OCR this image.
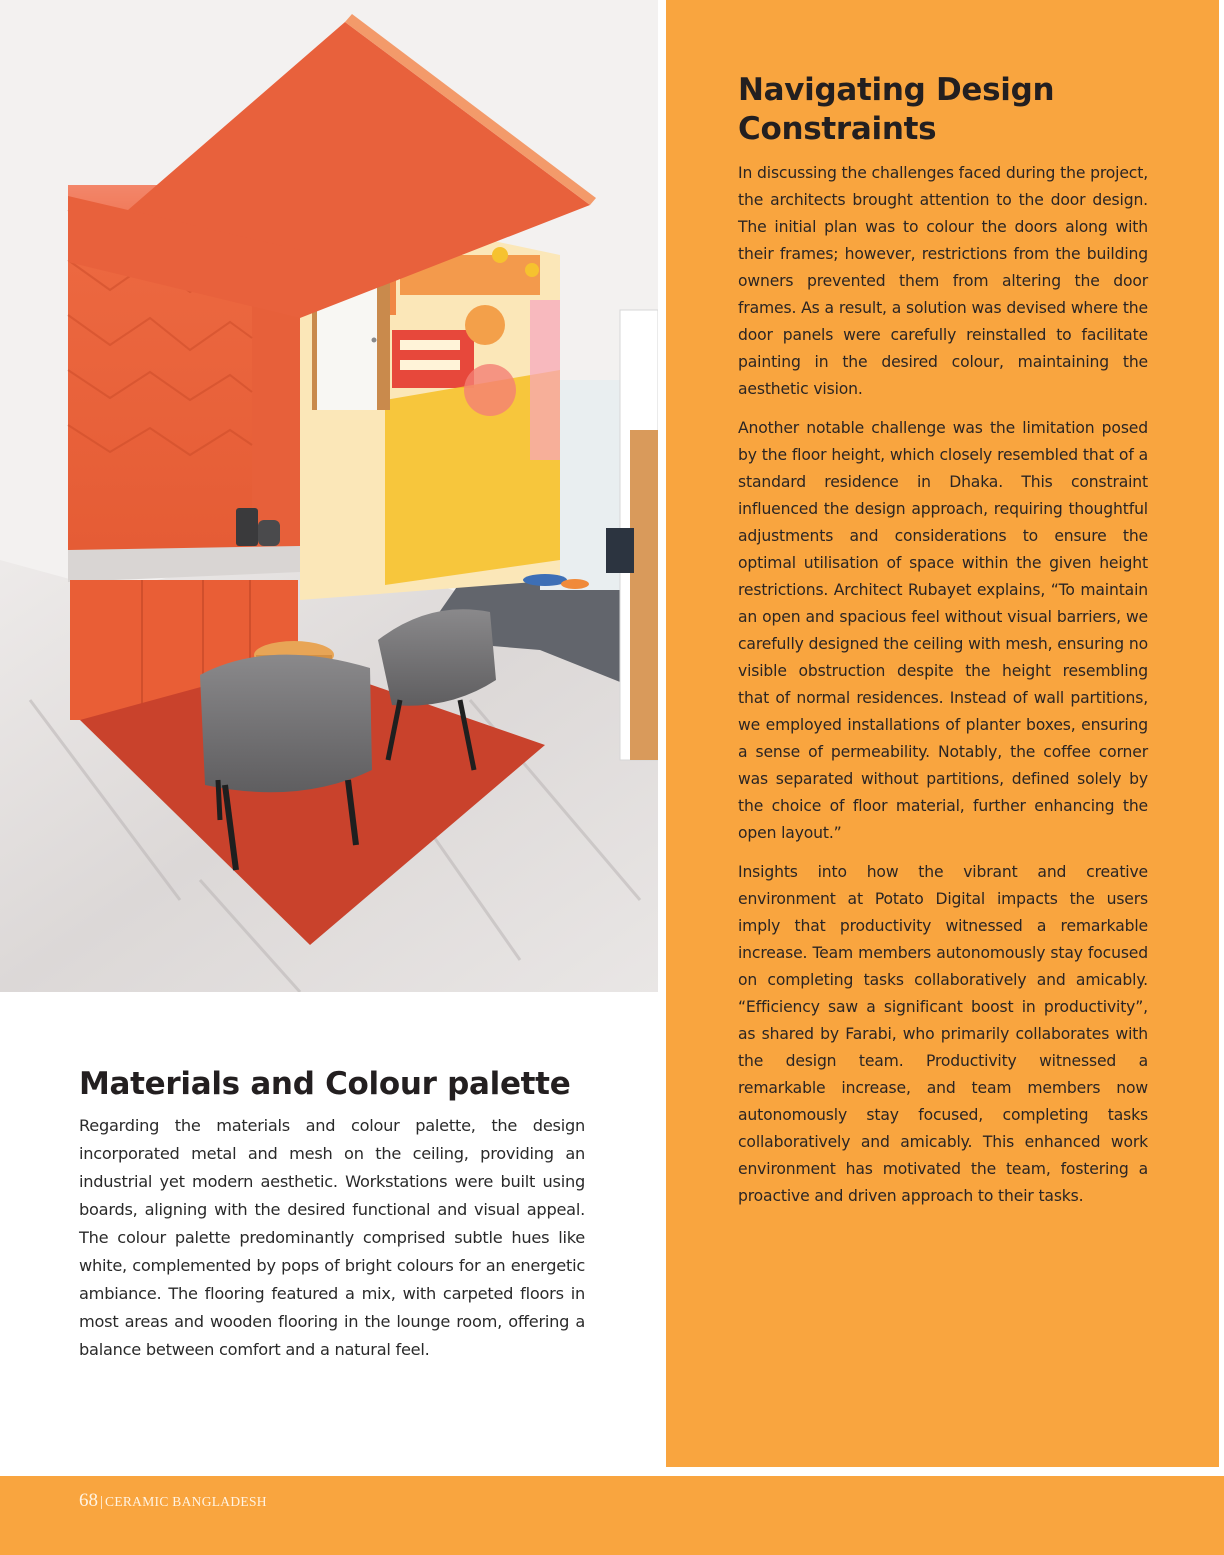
Navigating Design Constraints

In discussing the challenges faced during the project, the architects brought attention to the door design. The initial plan was to colour the doors along with their frames; however, restrictions from the building owners prevented them from altering the door frames. As a result, a solution was devised where the door panels were carefully reinstalled to facilitate painting in the desired colour, maintaining the aesthetic vision.

Another notable challenge was the limitation posed by the floor height, which closely resembled that of a standard residence in Dhaka. This constraint influenced the design approach, requiring thoughtful adjustments and considerations to ensure the optimal utilisation of space within the given height restrictions. Architect Rubayet explains, “To maintain an open and spacious feel without visual barriers, we carefully designed the ceiling with mesh, ensuring no visible obstruction despite the height resembling that of normal residences. Instead of wall partitions, we employed installations of planter boxes, ensuring a sense of permeability. Notably, the coffee corner was separated without partitions, defined solely by the choice of floor material, further enhancing the open layout.”

Insights into how the vibrant and creative environment at Potato Digital impacts the users imply that productivity witnessed a remarkable increase. Team members autonomously stay focused on completing tasks collaboratively and amicably. “Efficiency saw a significant boost in productivity”, as shared by Farabi, who primarily collaborates with the design team. Productivity witnessed a remarkable increase, and team members now autonomously stay focused, completing tasks collaboratively and amicably. This enhanced work environment has motivated the team, fostering a proactive and driven approach to their tasks.

Materials and Colour palette

Regarding the materials and colour palette, the design incorporated metal and mesh on the ceiling, providing an industrial yet modern aesthetic. Workstations were built using boards, aligning with the desired functional and visual appeal. The colour palette predominantly comprised subtle hues like white, complemented by pops of bright colours for an energetic ambiance. The flooring featured a mix, with carpeted floors in most areas and wooden flooring in the lounge room, offering a balance between comfort and a natural feel.

68 | CERAMIC BANGLADESH
